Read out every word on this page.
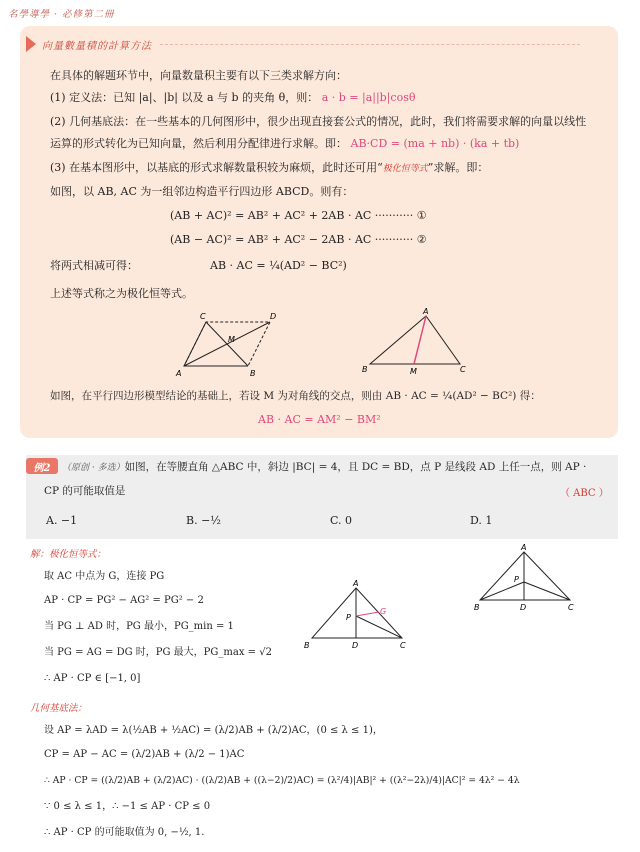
名學導學 · 必修第二冊
向量數量積的計算方法
在具体的解题环节中，向量数量积主要有以下三类求解方向：
(1) 定义法：已知 |a|、|b| 以及 a 与 b 的夹角 θ，则： a · b = |a||b|cosθ
(2) 几何基底法：在一些基本的几何图形中，很少出现直接套公式的情况，此时，我们将需要求解的向量以线性
运算的形式转化为已知向量，然后利用分配律进行求解。即： AB·CD = (ma + nb) · (ka + tb)
(3) 在基本图形中，以基底的形式求解数量积较为麻烦，此时还可用“极化恒等式”求解。即：
如图，以 AB, AC 为一组邻边构造平行四边形 ABCD。则有：
(AB + AC)² = AB² + AC² + 2AB · AC ··········· ①
(AB − AC)² = AB² + AC² − 2AB · AC ··········· ②
将两式相减可得：	AB · AC = ¼(AD² − BC²)
上述等式称之为极化恒等式。
A	B
C	D
M
B	C
A
M
如图，在平行四边形模型结论的基础上，若设 M 为对角线的交点，则由 AB · AC = ¼(AD² − BC²) 得：
AB · AC = AM² − BM²
例2	（原创 · 多选）如图，在等腰直角 △ABC 中，斜边 |BC| = 4，且 DC = BD，点 P 是线段 AD 上任一点，则 AP ·
CP 的可能取值是	（ ABC ）
A. −1	B. −½	C. 0	D. 1
解：极化恒等式：
取 AC 中点为 G，连接 PG
AP · CP = PG² − AG² = PG² − 2
当 PG ⊥ AD 时，PG 最小，PG_min = 1
当 PG = AG = DG 时，PG 最大，PG_max = √2
∴ AP · CP ∈ [−1, 0]
B	D	C
A
P
G	B	D	C
A
P
几何基底法：
设 AP = λAD = λ(½AB + ½AC) = (λ/2)AB + (λ/2)AC，(0 ≤ λ ≤ 1)，
CP = AP − AC = (λ/2)AB + (λ/2 − 1)AC
∴ AP · CP = ((λ/2)AB + (λ/2)AC) · ((λ/2)AB + ((λ−2)/2)AC) = (λ²/4)|AB|² + ((λ²−2λ)/4)|AC|² = 4λ² − 4λ
∵ 0 ≤ λ ≤ 1，∴ −1 ≤ AP · CP ≤ 0
∴ AP · CP 的可能取值为 0, −½, 1.
